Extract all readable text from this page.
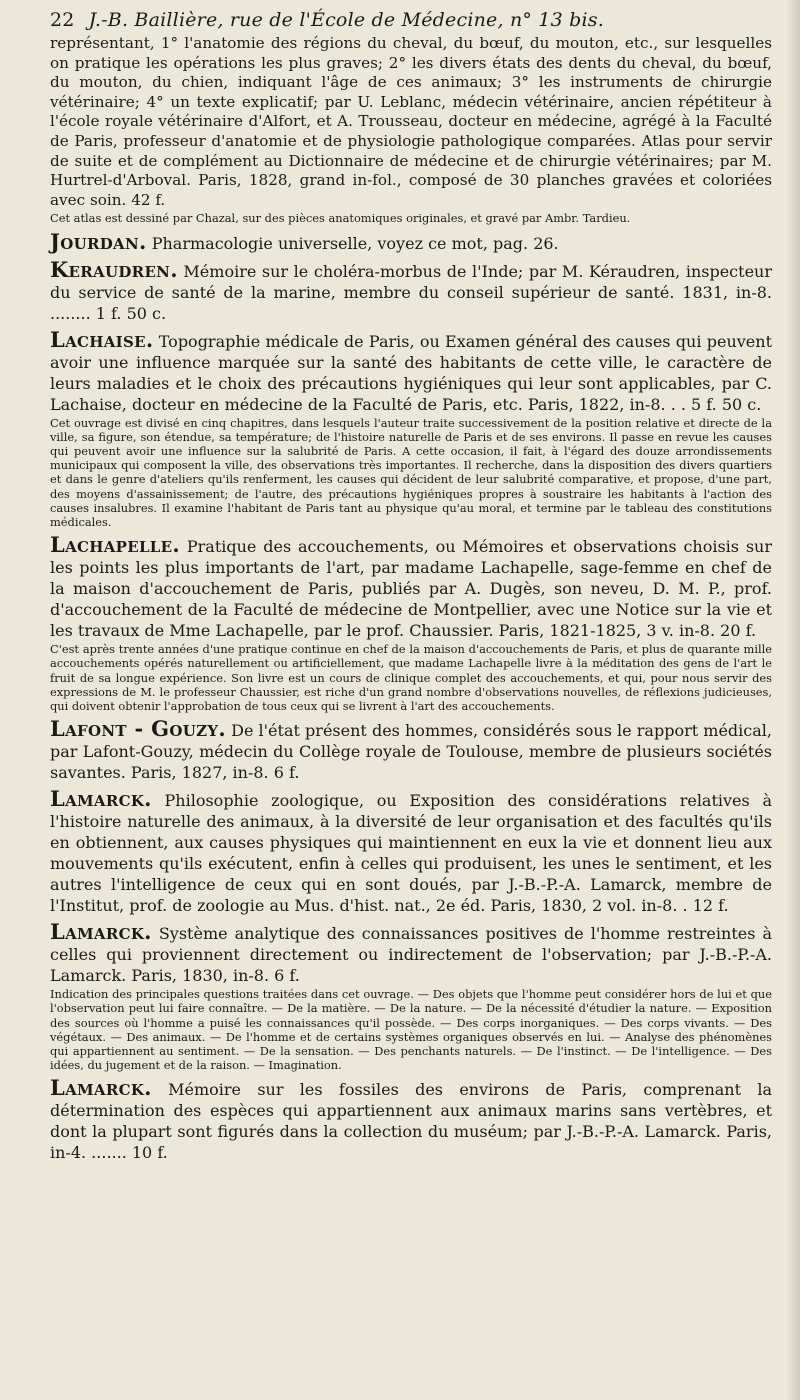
22 J.-B. Baillière, rue de l'École de Médecine, n° 13 bis.

représentant, 1° l'anatomie des régions du cheval, du bœuf, du mouton, etc., sur lesquelles on pratique les opérations les plus graves; 2° les divers états des dents du cheval, du bœuf, du mouton, du chien, indiquant l'âge de ces animaux; 3° les instruments de chirurgie vétérinaire; 4° un texte explicatif; par U. Leblanc, médecin vétérinaire, ancien répétiteur à l'école royale vétérinaire d'Alfort, et A. Trousseau, docteur en médecine, agrégé à la Faculté de Paris, professeur d'anatomie et de physiologie pathologique comparées. Atlas pour servir de suite et de complément au Dictionnaire de médecine et de chirurgie vétérinaires; par M. Hurtrel-d'Arboval. Paris, 1828, grand in-fol., composé de 30 planches gravées et coloriées avec soin. 42 f.

Cet atlas est dessiné par Chazal, sur des pièces anatomiques originales, et gravé par Ambr. Tardieu.

Jourdan. Pharmacologie universelle, voyez ce mot, pag. 26.

Keraudren. Mémoire sur le choléra-morbus de l'Inde; par M. Kéraudren, inspecteur du service de santé de la marine, membre du conseil supérieur de santé. 1831, in-8. ........ 1 f. 50 c.

Lachaise. Topographie médicale de Paris, ou Examen général des causes qui peuvent avoir une influence marquée sur la santé des habitants de cette ville, le caractère de leurs maladies et le choix des précautions hygiéniques qui leur sont applicables, par C. Lachaise, docteur en médecine de la Faculté de Paris, etc. Paris, 1822, in-8. . . 5 f. 50 c.

Cet ouvrage est divisé en cinq chapitres, dans lesquels l'auteur traite successivement de la position relative et directe de la ville, sa figure, son étendue, sa température; de l'histoire naturelle de Paris et de ses environs. Il passe en revue les causes qui peuvent avoir une influence sur la salubrité de Paris. A cette occasion, il fait, à l'égard des douze arrondissements municipaux qui composent la ville, des observations très importantes. Il recherche, dans la disposition des divers quartiers et dans le genre d'ateliers qu'ils renferment, les causes qui décident de leur salubrité comparative, et propose, d'une part, des moyens d'assainissement; de l'autre, des précautions hygiéniques propres à soustraire les habitants à l'action des causes insalubres. Il examine l'habitant de Paris tant au physique qu'au moral, et termine par le tableau des constitutions médicales.

Lachapelle. Pratique des accouchements, ou Mémoires et observations choisis sur les points les plus importants de l'art, par madame Lachapelle, sage-femme en chef de la maison d'accouchement de Paris, publiés par A. Dugès, son neveu, D. M. P., prof. d'accouchement de la Faculté de médecine de Montpellier, avec une Notice sur la vie et les travaux de Mme Lachapelle, par le prof. Chaussier. Paris, 1821-1825, 3 v. in-8. 20 f.

C'est après trente années d'une pratique continue en chef de la maison d'accouchements de Paris, et plus de quarante mille accouchements opérés naturellement ou artificiellement, que madame Lachapelle livre à la méditation des gens de l'art le fruit de sa longue expérience. Son livre est un cours de clinique complet des accouchements, et qui, pour nous servir des expressions de M. le professeur Chaussier, est riche d'un grand nombre d'observations nouvelles, de réflexions judicieuses, qui doivent obtenir l'approbation de tous ceux qui se livrent à l'art des accouchements.

Lafont - Gouzy. De l'état présent des hommes, considérés sous le rapport médical, par Lafont-Gouzy, médecin du Collège royale de Toulouse, membre de plusieurs sociétés savantes. Paris, 1827, in-8. 6 f.

Lamarck. Philosophie zoologique, ou Exposition des considérations relatives à l'histoire naturelle des animaux, à la diversité de leur organisation et des facultés qu'ils en obtiennent, aux causes physiques qui maintiennent en eux la vie et donnent lieu aux mouvements qu'ils exécutent, enfin à celles qui produisent, les unes le sentiment, et les autres l'intelligence de ceux qui en sont doués, par J.-B.-P.-A. Lamarck, membre de l'Institut, prof. de zoologie au Mus. d'hist. nat., 2e éd. Paris, 1830, 2 vol. in-8. . 12 f.

Lamarck. Système analytique des connaissances positives de l'homme restreintes à celles qui proviennent directement ou indirectement de l'observation; par J.-B.-P.-A. Lamarck. Paris, 1830, in-8. 6 f.

Indication des principales questions traitées dans cet ouvrage. — Des objets que l'homme peut considérer hors de lui et que l'observation peut lui faire connaître. — De la matière. — De la nature. — De la nécessité d'étudier la nature. — Exposition des sources où l'homme a puisé les connaissances qu'il possède. — Des corps inorganiques. — Des corps vivants. — Des végétaux. — Des animaux. — De l'homme et de certains systèmes organiques observés en lui. — Analyse des phénomènes qui appartiennent au sentiment. — De la sensation. — Des penchants naturels. — De l'instinct. — De l'intelligence. — Des idées, du jugement et de la raison. — Imagination.

Lamarck. Mémoire sur les fossiles des environs de Paris, comprenant la détermination des espèces qui appartiennent aux animaux marins sans vertèbres, et dont la plupart sont figurés dans la collection du muséum; par J.-B.-P.-A. Lamarck. Paris, in-4. ....... 10 f.
